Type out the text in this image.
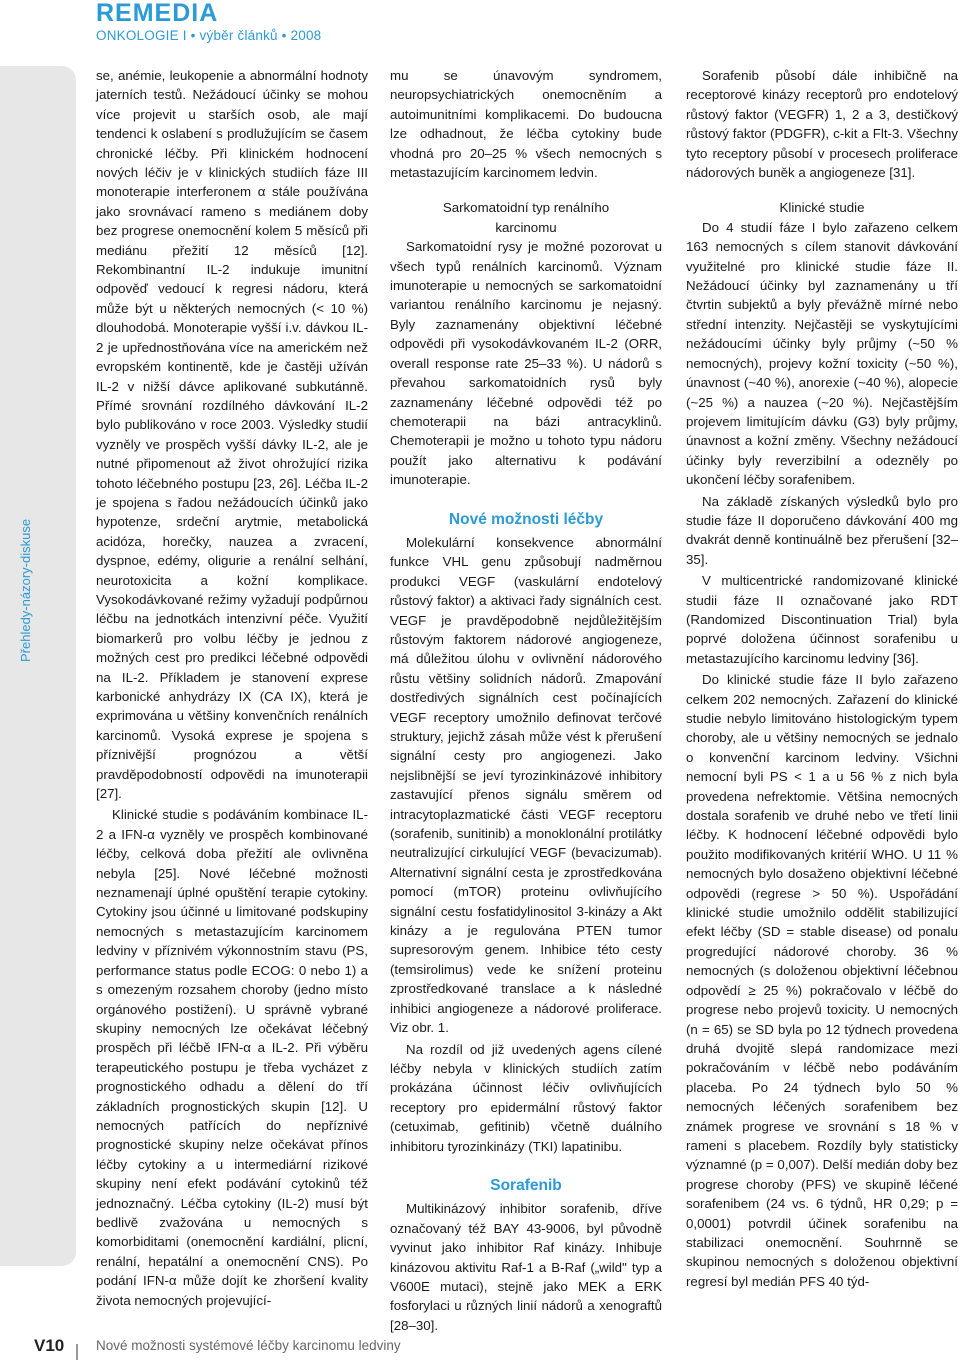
REMEDIA
ONKOLOGIE I • výběr článků • 2008
Přehledy-názory-diskuse

se, anémie, leukopenie a abnormální hodnoty jaterních testů. Nežádoucí účinky se mohou více projevit u starších osob, ale mají tendenci k oslabení s prodlužujícím se časem chronické léčby. Při klinickém hodnocení nových léčiv je v klinických studiích fáze III monoterapie interferonem α stále používána jako srovnávací rameno s mediánem doby bez progrese onemocnění kolem 5 měsíců při mediánu přežití 12 měsíců [12]. Rekombinantní IL-2 indukuje imunitní odpověď vedoucí k regresi nádoru, která může být u některých nemocných (< 10 %) dlouhodobá. Monoterapie vyšší i.v. dávkou IL-2 je upřednostňována více na americkém než evropském kontinentě, kde je častěji užíván IL-2 v nižší dávce aplikované subkutánně. Přímé srovnání rozdílného dávkování IL-2 bylo publikováno v roce 2003. Výsledky studií vyzněly ve prospěch vyšší dávky IL-2, ale je nutné připomenout až život ohrožující rizika tohoto léčebného postupu [23, 26]. Léčba IL-2 je spojena s řadou nežádoucích účinků jako hypotenze, srdeční arytmie, metabolická acidóza, horečky, nauzea a zvracení, dyspnoe, edémy, oligurie a renální selhání, neurotoxicita a kožní komplikace. Vysokodávkované režimy vyžadují podpůrnou léčbu na jednotkách intenzivní péče. Využití biomarkerů pro volbu léčby je jednou z možných cest pro predikci léčebné odpovědi na IL-2. Příkladem je stanovení exprese karbonické anhydrázy IX (CA IX), která je exprimována u většiny konvenčních renálních karcinomů. Vysoká exprese je spojena s příznivější prognózou a větší pravděpodobností odpovědi na imunoterapii [27].

Klinické studie s podáváním kombinace IL-2 a IFN-α vyzněly ve prospěch kombinované léčby, celková doba přežití ale ovlivněna nebyla [25]. Nové léčebné možnosti neznamenají úplné opuštění terapie cytokiny. Cytokiny jsou účinné u limitované podskupiny nemocných s metastazujícím karcinomem ledviny v příznivém výkonnostním stavu (PS, performance status podle ECOG: 0 nebo 1) a s omezeným rozsahem choroby (jedno místo orgánového postižení). U správně vybrané skupiny nemocných lze očekávat léčebný prospěch při léčbě IFN-α a IL-2. Při výběru terapeutického postupu je třeba vycházet z prognostického odhadu a dělení do tří základních prognostických skupin [12]. U nemocných patřících do nepříznivé prognostické skupiny nelze očekávat přínos léčby cytokiny a u intermediární rizikové skupiny není efekt podávání cytokinů též jednoznačný. Léčba cytokiny (IL-2) musí být bedlivě zvažována u nemocných s komorbiditami (onemocnění kardiální, plicní, renální, hepatální a onemocnění CNS). Po podání IFN-α může dojít ke zhoršení kvality života nemocných projevující-

mu se únavovým syndromem, neuropsychiatrických onemocněním a autoimunitními komplikacemi. Do budoucna lze odhadnout, že léčba cytokiny bude vhodná pro 20–25 % všech nemocných s metastazujícím karcinomem ledvin.

Sarkomatoidní typ renálního
karcinomu

Sarkomatoidní rysy je možné pozorovat u všech typů renálních karcinomů. Význam imunoterapie u nemocných se sarkomatoidní variantou renálního karcinomu je nejasný. Byly zaznamenány objektivní léčebné odpovědi při vysokodávkovaném IL-2 (ORR, overall response rate 25–33 %). U nádorů s převahou sarkomatoidních rysů byly zaznamenány léčebné odpovědi též po chemoterapii na bázi antracyklinů. Chemoterapii je možno u tohoto typu nádoru použít jako alternativu k podávání imunoterapie.

Nové možnosti léčby

Molekulární konsekvence abnormální funkce VHL genu způsobují nadměrnou produkci VEGF (vaskulární endotelový růstový faktor) a aktivaci řady signálních cest. VEGF je pravděpodobně nejdůležitějším růstovým faktorem nádorové angiogeneze, má důležitou úlohu v ovlivnění nádorového růstu většiny solidních nádorů. Zmapování dostředivých signálních cest počínajících VEGF receptory umožnilo definovat terčové struktury, jejichž zásah může vést k přerušení signální cesty pro angiogenezi. Jako nejslibnější se jeví tyrozinkinázové inhibitory zastavující přenos signálu směrem od intracytoplazmatické části VEGF receptoru (sorafenib, sunitinib) a monoklonální protilátky neutralizující cirkulující VEGF (bevacizumab). Alternativní signální cesta je zprostředkována pomocí (mTOR) proteinu ovlivňujícího signální cestu fosfatidylinositol 3-kinázy a Akt kinázy a je regulována PTEN tumor supresorovým genem. Inhibice této cesty (temsirolimus) vede ke snížení proteinu zprostředkované translace a k následné inhibici angiogeneze a nádorové proliferace. Viz obr. 1.

Na rozdíl od již uvedených agens cílené léčby nebyla v klinických studiích zatím prokázána účinnost léčiv ovlivňujících receptory pro epidermální růstový faktor (cetuximab, gefitinib) včetně duálního inhibitoru tyrozinkinázy (TKI) lapatinibu.

Sorafenib

Multikinázový inhibitor sorafenib, dříve označovaný též BAY 43-9006, byl původně vyvinut jako inhibitor Raf kinázy. Inhibuje kinázovou aktivitu Raf-1 a B-Raf („wild" typ a V600E mutaci), stejně jako MEK a ERK fosforylaci u různých linií nádorů a xenograftů [28–30].

Sorafenib působí dále inhibičně na receptorové kinázy receptorů pro endotelový růstový faktor (VEGFR) 1, 2 a 3, destičkový růstový faktor (PDGFR), c-kit a Flt-3. Všechny tyto receptory působí v procesech proliferace nádorových buněk a angiogeneze [31].

Klinické studie

Do 4 studií fáze I bylo zařazeno celkem 163 nemocných s cílem stanovit dávkování využitelné pro klinické studie fáze II. Nežádoucí účinky byl zaznamenány u tří čtvrtin subjektů a byly převážně mírné nebo střední intenzity. Nejčastěji se vyskytujícími nežádoucími účinky byly průjmy (~50 % nemocných), projevy kožní toxicity (~50 %), únavnost (~40 %), anorexie (~40 %), alopecie (~25 %) a nauzea (~20 %). Nejčastějším projevem limitujícím dávku (G3) byly průjmy, únavnost a kožní změny. Všechny nežádoucí účinky byly reverzibilní a odezněly po ukončení léčby sorafenibem.

Na základě získaných výsledků bylo pro studie fáze II doporučeno dávkování 400 mg dvakrát denně kontinuálně bez přerušení [32–35].

V multicentrické randomizované klinické studii fáze II označované jako RDT (Randomized Discontinuation Trial) byla poprvé doložena účinnost sorafenibu u metastazujícího karcinomu ledviny [36].

Do klinické studie fáze II bylo zařazeno celkem 202 nemocných. Zařazení do klinické studie nebylo limitováno histologickým typem choroby, ale u většiny nemocných se jednalo o konvenční karcinom ledviny. Všichni nemocní byli PS < 1 a u 56 % z nich byla provedena nefrektomie. Většina nemocných dostala sorafenib ve druhé nebo ve třetí linii léčby. K hodnocení léčebné odpovědi bylo použito modifikovaných kritérií WHO. U 11 % nemocných bylo dosaženo objektivní léčebné odpovědi (regrese > 50 %). Uspořádání klinické studie umožnilo oddělit stabilizující efekt léčby (SD = stable disease) od ponalu progredující nádorové choroby. 36 % nemocných (s doloženou objektivní léčebnou odpovědí ≥ 25 %) pokračovalo v léčbě do progrese nebo projevů toxicity. U nemocných (n = 65) se SD byla po 12 týdnech provedena druhá dvojitě slepá randomizace mezi pokračováním v léčbě nebo podáváním placeba. Po 24 týdnech bylo 50 % nemocných léčených sorafenibem bez známek progrese ve srovnání s 18 % v rameni s placebem. Rozdíly byly statisticky významné (p = 0,007). Delší medián doby bez progrese choroby (PFS) ve skupině léčené sorafenibem (24 vs. 6 týdnů, HR 0,29; p = 0,0001) potvrdil účinek sorafenibu na stabilizaci onemocnění. Souhrnně se skupinou nemocných s doloženou objektivní regresí byl medián PFS 40 týd-

V10 Nové možnosti systémové léčby karcinomu ledviny
